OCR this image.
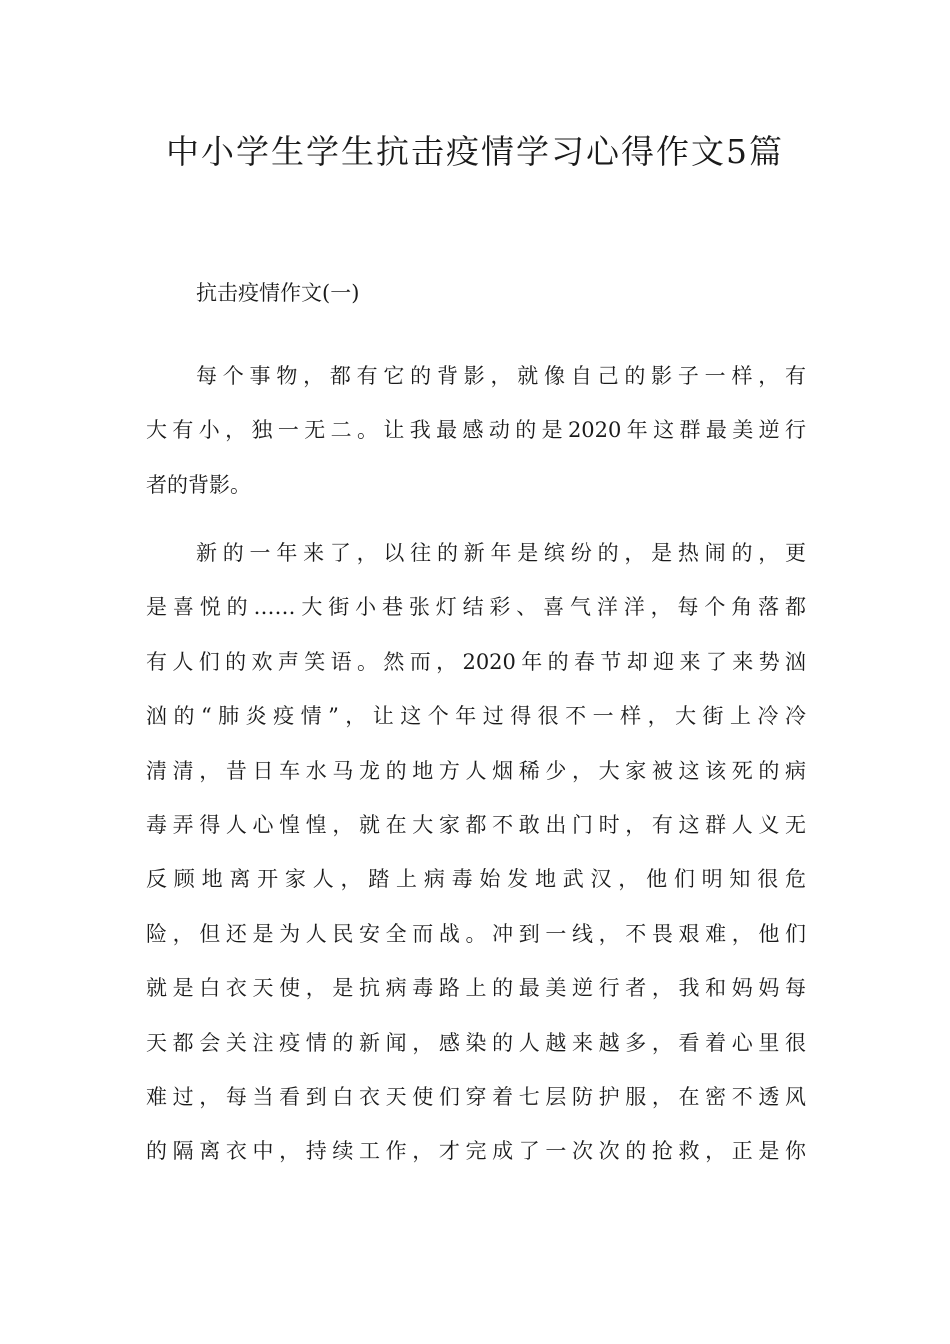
中小学生学生抗击疫情学习心得作文5篇
抗击疫情作文(一)
每个事物，都有它的背影，就像自己的影子一样，有
大有小，独一无二。让我最感动的是2020年这群最美逆行
者的背影。
新的一年来了，以往的新年是缤纷的，是热闹的，更
是喜悦的……大街小巷张灯结彩、喜气洋洋，每个角落都
有人们的欢声笑语。然而，2020年的春节却迎来了来势汹
汹的“肺炎疫情”，让这个年过得很不一样，大街上冷冷
清清，昔日车水马龙的地方人烟稀少，大家被这该死的病
毒弄得人心惶惶，就在大家都不敢出门时，有这群人义无
反顾地离开家人，踏上病毒始发地武汉，他们明知很危
险，但还是为人民安全而战。冲到一线，不畏艰难，他们
就是白衣天使，是抗病毒路上的最美逆行者，我和妈妈每
天都会关注疫情的新闻，感染的人越来越多，看着心里很
难过，每当看到白衣天使们穿着七层防护服，在密不透风
的隔离衣中，持续工作，才完成了一次次的抢救，正是你
